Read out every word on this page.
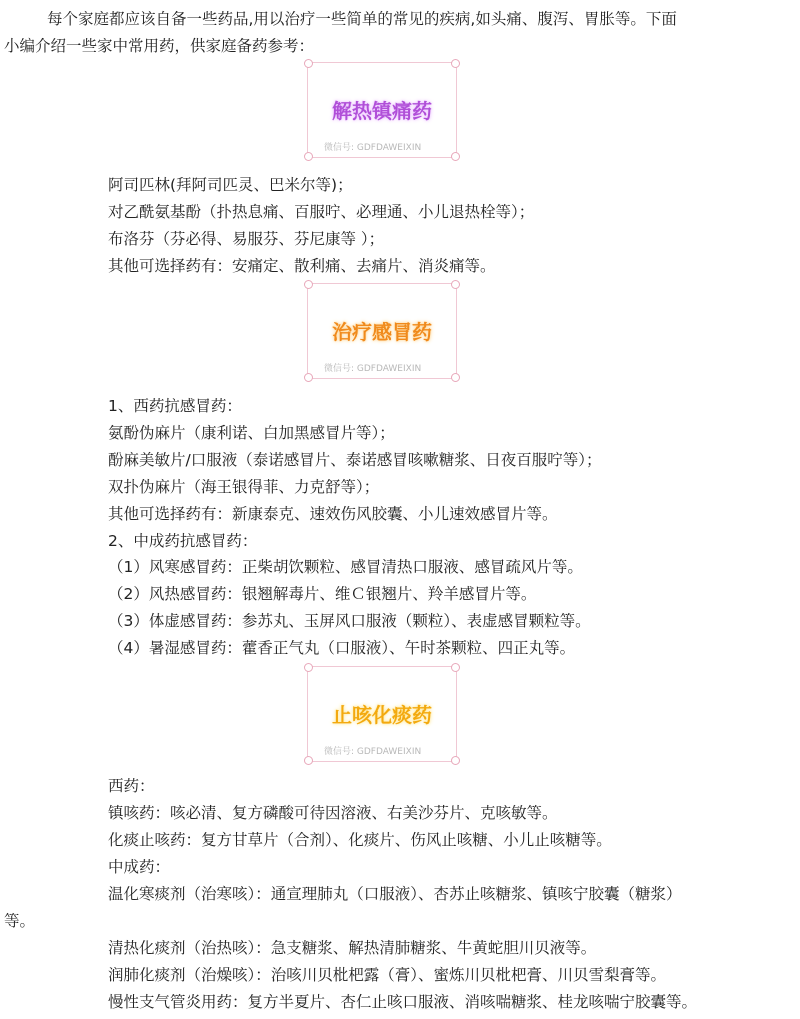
每个家庭都应该自备一些药品,用以治疗一些简单的常见的疾病,如头痛、腹泻、胃胀等。下面
小编介绍一些家中常用药，供家庭备药参考：
解热镇痛药
微信号: GDFDAWEIXIN
阿司匹林(拜阿司匹灵、巴米尔等)；
对乙酰氨基酚（扑热息痛、百服咛、必理通、小儿退热栓等）；
布洛芬（芬必得、易服芬、芬尼康等 ）；
其他可选择药有：安痛定、散利痛、去痛片、消炎痛等。
治疗感冒药
微信号: GDFDAWEIXIN
1、西药抗感冒药：
氨酚伪麻片（康利诺、白加黑感冒片等）；
酚麻美敏片/口服液（泰诺感冒片、泰诺感冒咳嗽糖浆、日夜百服咛等）；
双扑伪麻片（海王银得菲、力克舒等）；
其他可选择药有：新康泰克、速效伤风胶囊、小儿速效感冒片等。
2、中成药抗感冒药：
（1）风寒感冒药：正柴胡饮颗粒、感冒清热口服液、感冒疏风片等。
（2）风热感冒药：银翘解毒片、维Ｃ银翘片、羚羊感冒片等。
（3）体虚感冒药：参苏丸、玉屏风口服液（颗粒）、表虚感冒颗粒等。
（4）暑湿感冒药：藿香正气丸（口服液）、午时茶颗粒、四正丸等。
止咳化痰药
微信号: GDFDAWEIXIN
西药：
镇咳药：咳必清、复方磷酸可待因溶液、右美沙芬片、克咳敏等。
化痰止咳药：复方甘草片（合剂）、化痰片、伤风止咳糖、小儿止咳糖等。
中成药：
温化寒痰剂（治寒咳）：通宣理肺丸（口服液）、杏苏止咳糖浆、镇咳宁胶囊（糖浆）
等。
清热化痰剂（治热咳）：急支糖浆、解热清肺糖浆、牛黄蛇胆川贝液等。
润肺化痰剂（治燥咳）：治咳川贝枇杷露（膏）、蜜炼川贝枇杷膏、川贝雪梨膏等。
慢性支气管炎用药：复方半夏片、杏仁止咳口服液、消咳喘糖浆、桂龙咳喘宁胶囊等。
